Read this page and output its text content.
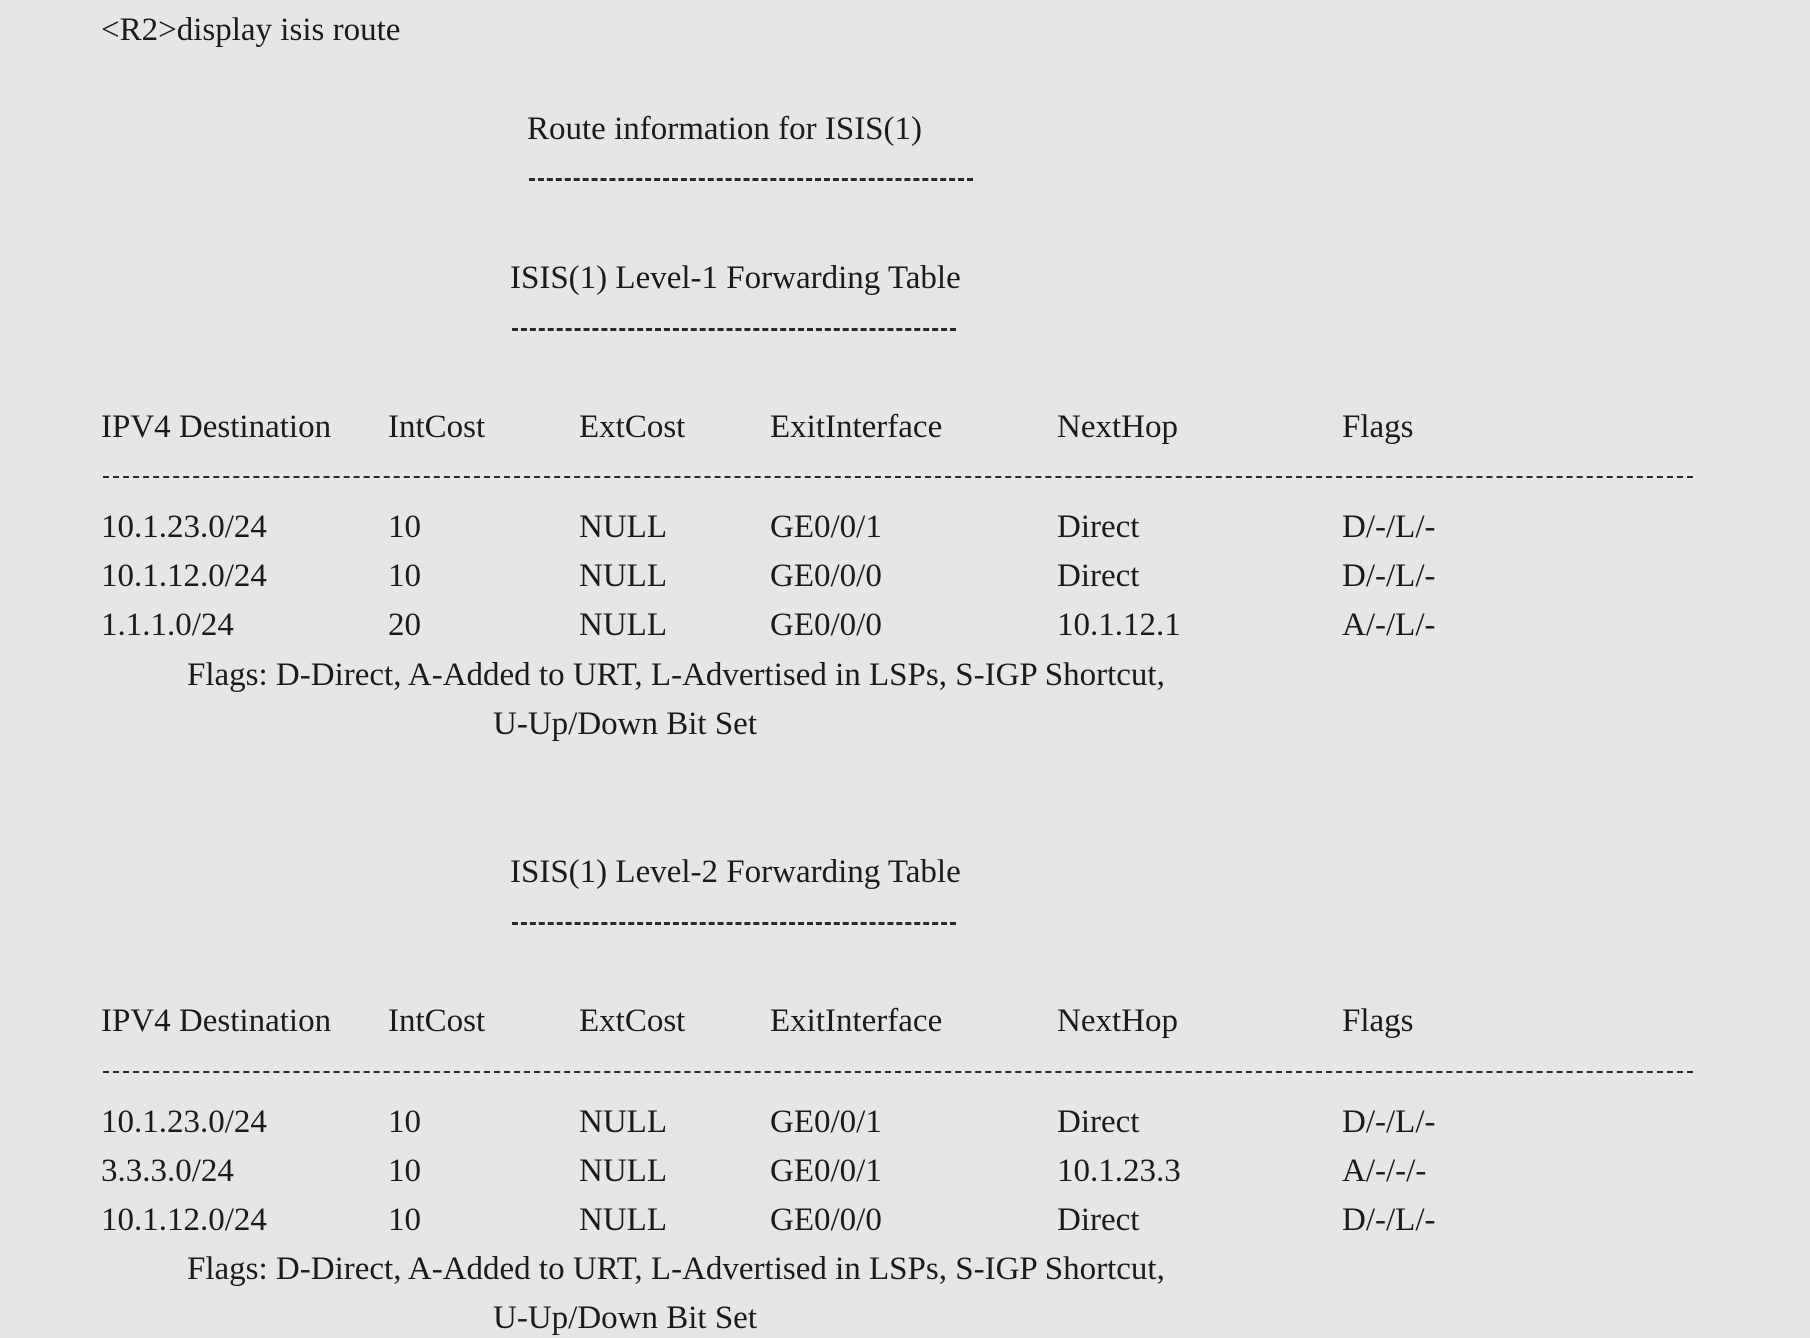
<R2>display isis route
Route information for ISIS(1)
ISIS(1) Level-1 Forwarding Table
IPV4 Destination IntCost	ExtCost	ExitInterface	NextHop	Flags
10.1.23.0/24	10	NULL	GE0/0/1	Direct	D/-/L/-
10.1.12.0/24	10	NULL	GE0/0/0	Direct	D/-/L/-
1.1.1.0/24	20	NULL	GE0/0/0	10.1.12.1	A/-/L/-
Flags: D-Direct, A-Added to URT, L-Advertised in LSPs, S-IGP Shortcut,
U-Up/Down Bit Set
ISIS(1) Level-2 Forwarding Table
IPV4 Destination IntCost	ExtCost	ExitInterface	NextHop	Flags
10.1.23.0/24	10	NULL	GE0/0/1	Direct	D/-/L/-
3.3.3.0/24	10	NULL	GE0/0/1	10.1.23.3	A/-/-/-
10.1.12.0/24	10	NULL	GE0/0/0	Direct	D/-/L/-
Flags: D-Direct, A-Added to URT, L-Advertised in LSPs, S-IGP Shortcut,
U-Up/Down Bit Set
